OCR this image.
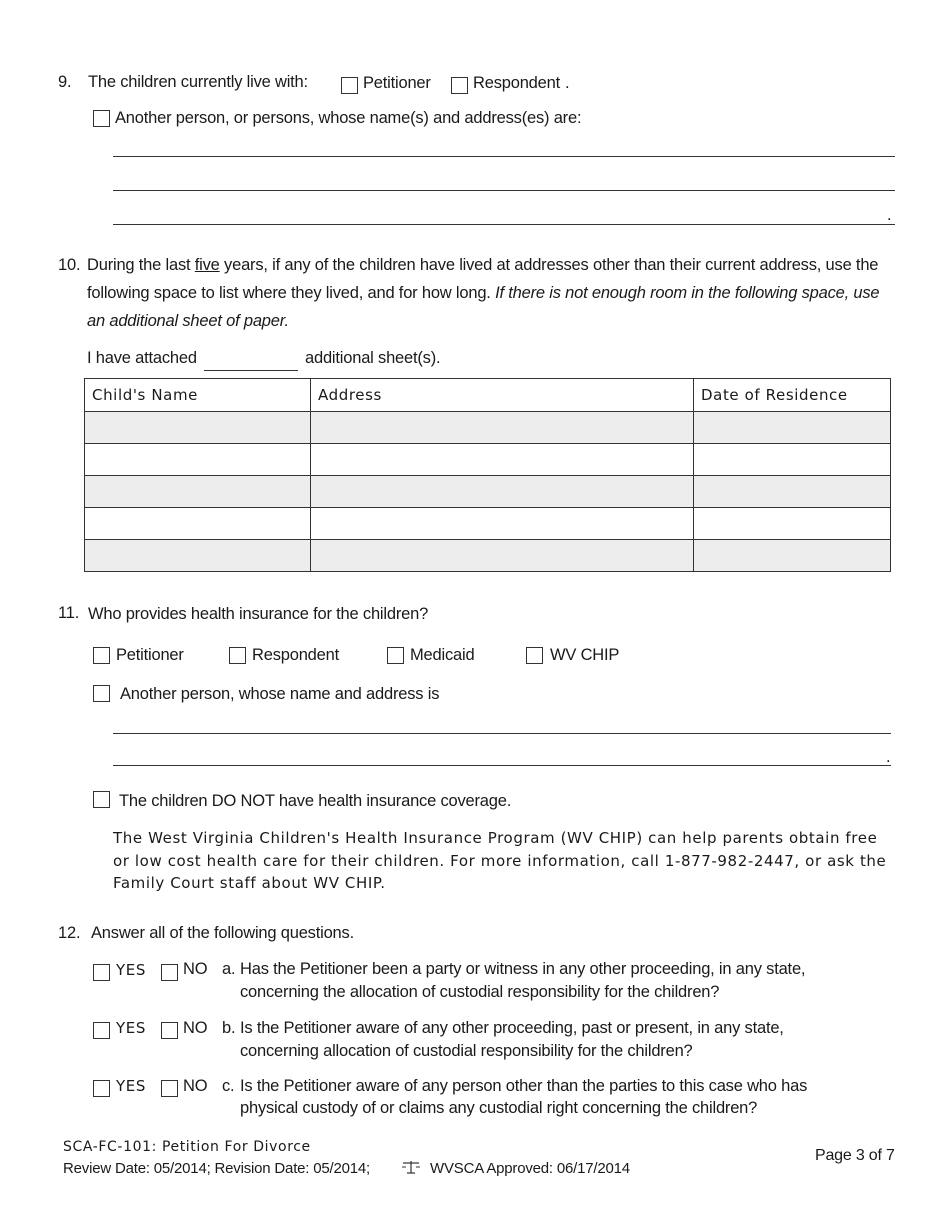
9. The children currently live with:	Petitioner	Respondent .
Another person, or persons, whose name(s) and address(es) are:
.
10. During the last five years, if any of the children have lived at addresses other than their current address, use the following space to list where they lived, and for how long. If there is not enough room in the following space, use an additional sheet of paper.
I have attached	additional sheet(s).
Child's Name	Address	Date of Residence

11. Who provides health insurance for the children?
Petitioner	Respondent	Medicaid	WV CHIP
Another person, whose name and address is
.
The children DO NOT have health insurance coverage.
The West Virginia Children's Health Insurance Program (WV CHIP) can help parents obtain free or low cost health care for their children. For more information, call 1-877-982-2447, or ask the Family Court staff about WV CHIP.
12. Answer all of the following questions.
YES NO a. Has the Petitioner been a party or witness in any other proceeding, in any state,
concerning the allocation of custodial responsibility for the children?
YES NO b. Is the Petitioner aware of any other proceeding, past or present, in any state,
concerning allocation of custodial responsibility for the children?
YES NO c. Is the Petitioner aware of any person other than the parties to this case who has
physical custody of or claims any custodial right concerning the children?
SCA-FC-101: Petition For Divorce
Review Date: 05/2014; Revision Date: 05/2014;	WVSCA Approved: 06/17/2014
Page 3 of 7
